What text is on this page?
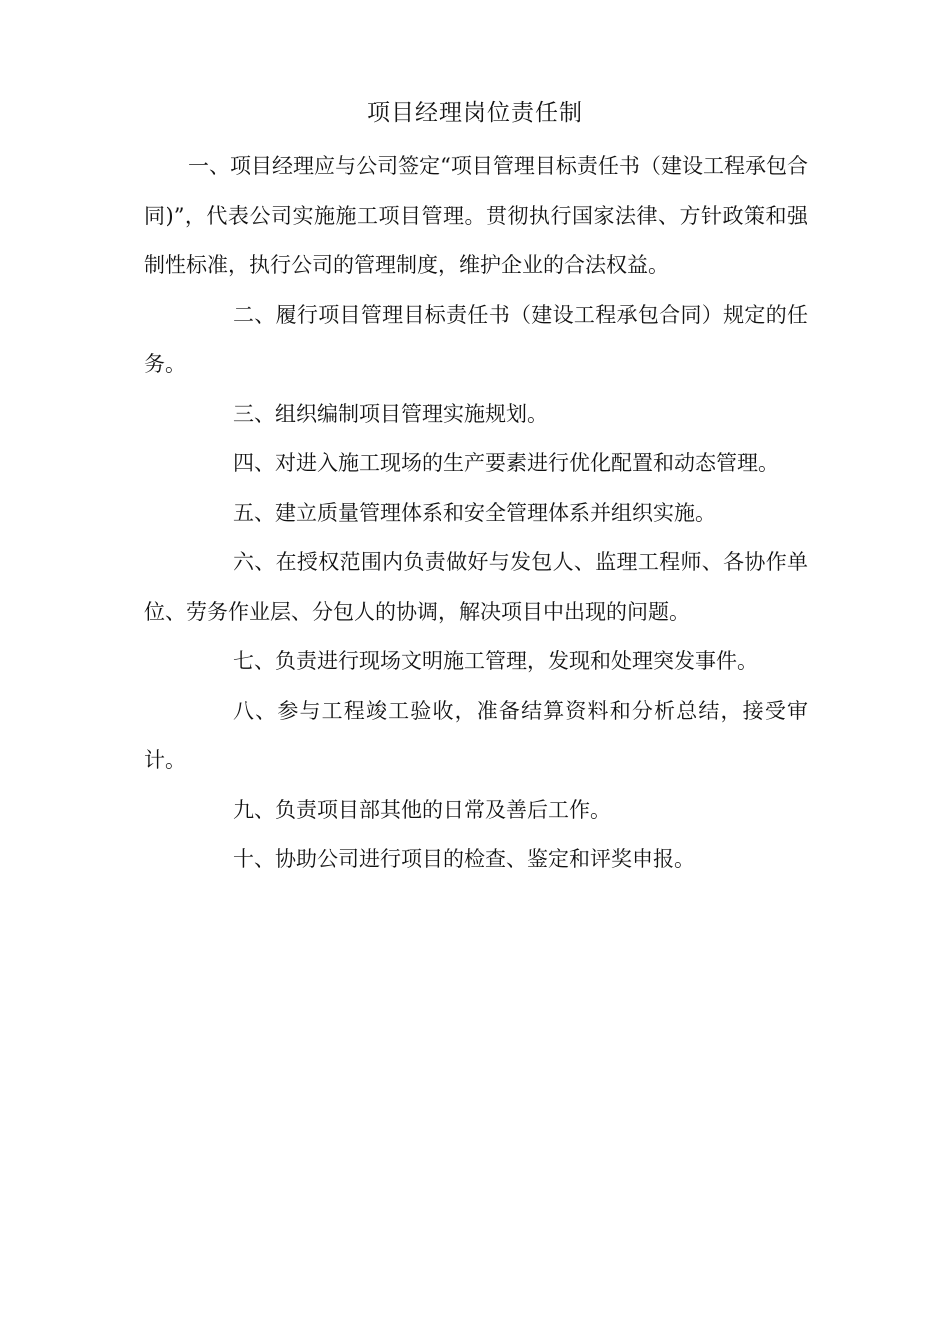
项目经理岗位责任制

一、项目经理应与公司签定“项目管理目标责任书（建设工程承包合同)”，代表公司实施施工项目管理。贯彻执行国家法律、方针政策和强制性标准，执行公司的管理制度，维护企业的合法权益。

二、履行项目管理目标责任书（建设工程承包合同）规定的任务。

三、组织编制项目管理实施规划。

四、对进入施工现场的生产要素进行优化配置和动态管理。

五、建立质量管理体系和安全管理体系并组织实施。

六、在授权范围内负责做好与发包人、监理工程师、各协作单位、劳务作业层、分包人的协调，解决项目中出现的问题。

七、负责进行现场文明施工管理，发现和处理突发事件。

八、参与工程竣工验收，准备结算资料和分析总结，接受审计。

九、负责项目部其他的日常及善后工作。

十、协助公司进行项目的检查、鉴定和评奖申报。
